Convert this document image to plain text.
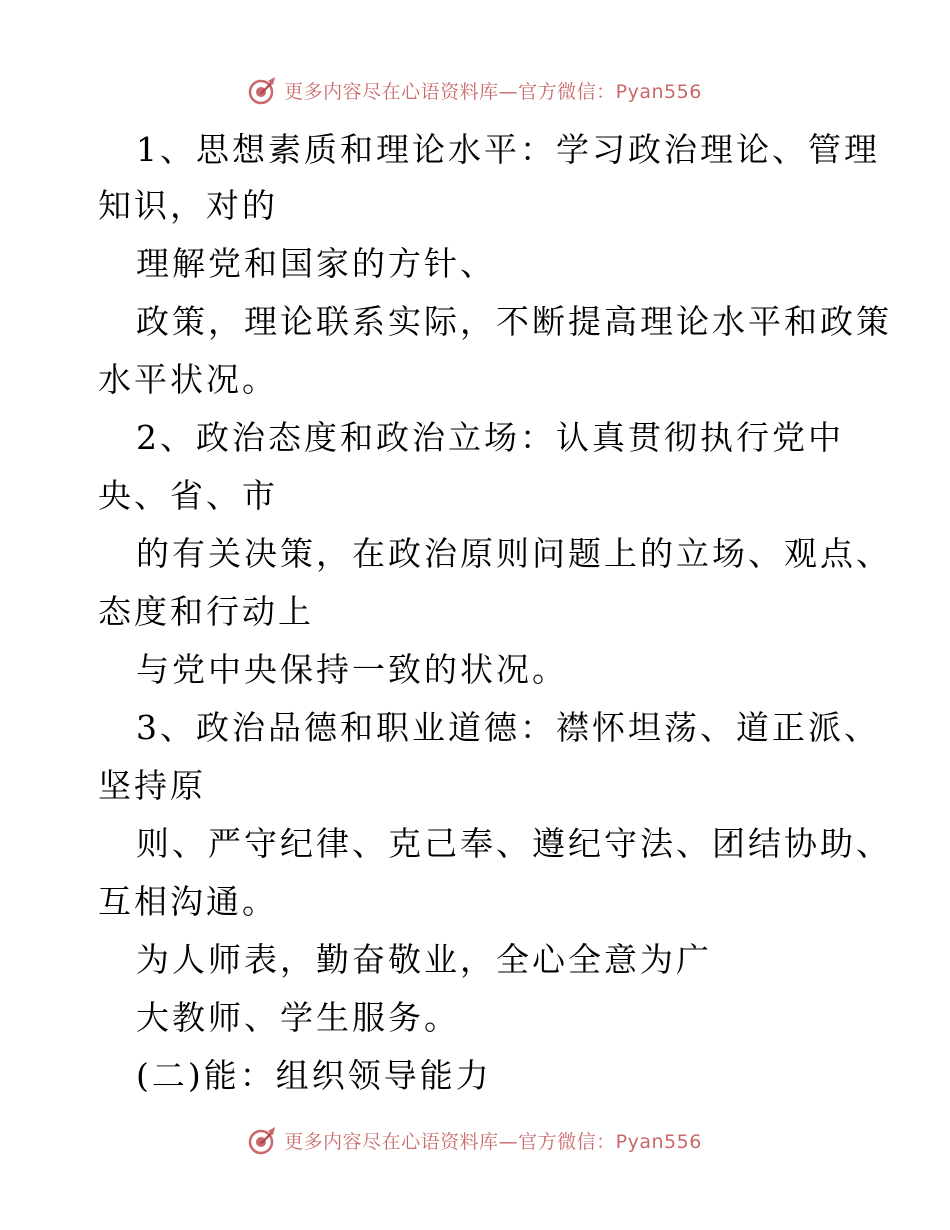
更多内容尽在心语资料库—官方微信：Pyan556
1、思想素质和理论水平：学习政治理论、管理
知识，对的
理解党和国家的方针、
政策，理论联系实际，不断提高理论水平和政策
水平状况。
2、政治态度和政治立场：认真贯彻执行党中
央、省、市
的有关决策，在政治原则问题上的立场、观点、
态度和行动上
与党中央保持一致的状况。
3、政治品德和职业道德：襟怀坦荡、道正派、
坚持原
则、严守纪律、克己奉、遵纪守法、团结协助、
互相沟通。
为人师表，勤奋敬业，全心全意为广
大教师、学生服务。
(二)能：组织领导能力
更多内容尽在心语资料库—官方微信：Pyan556
